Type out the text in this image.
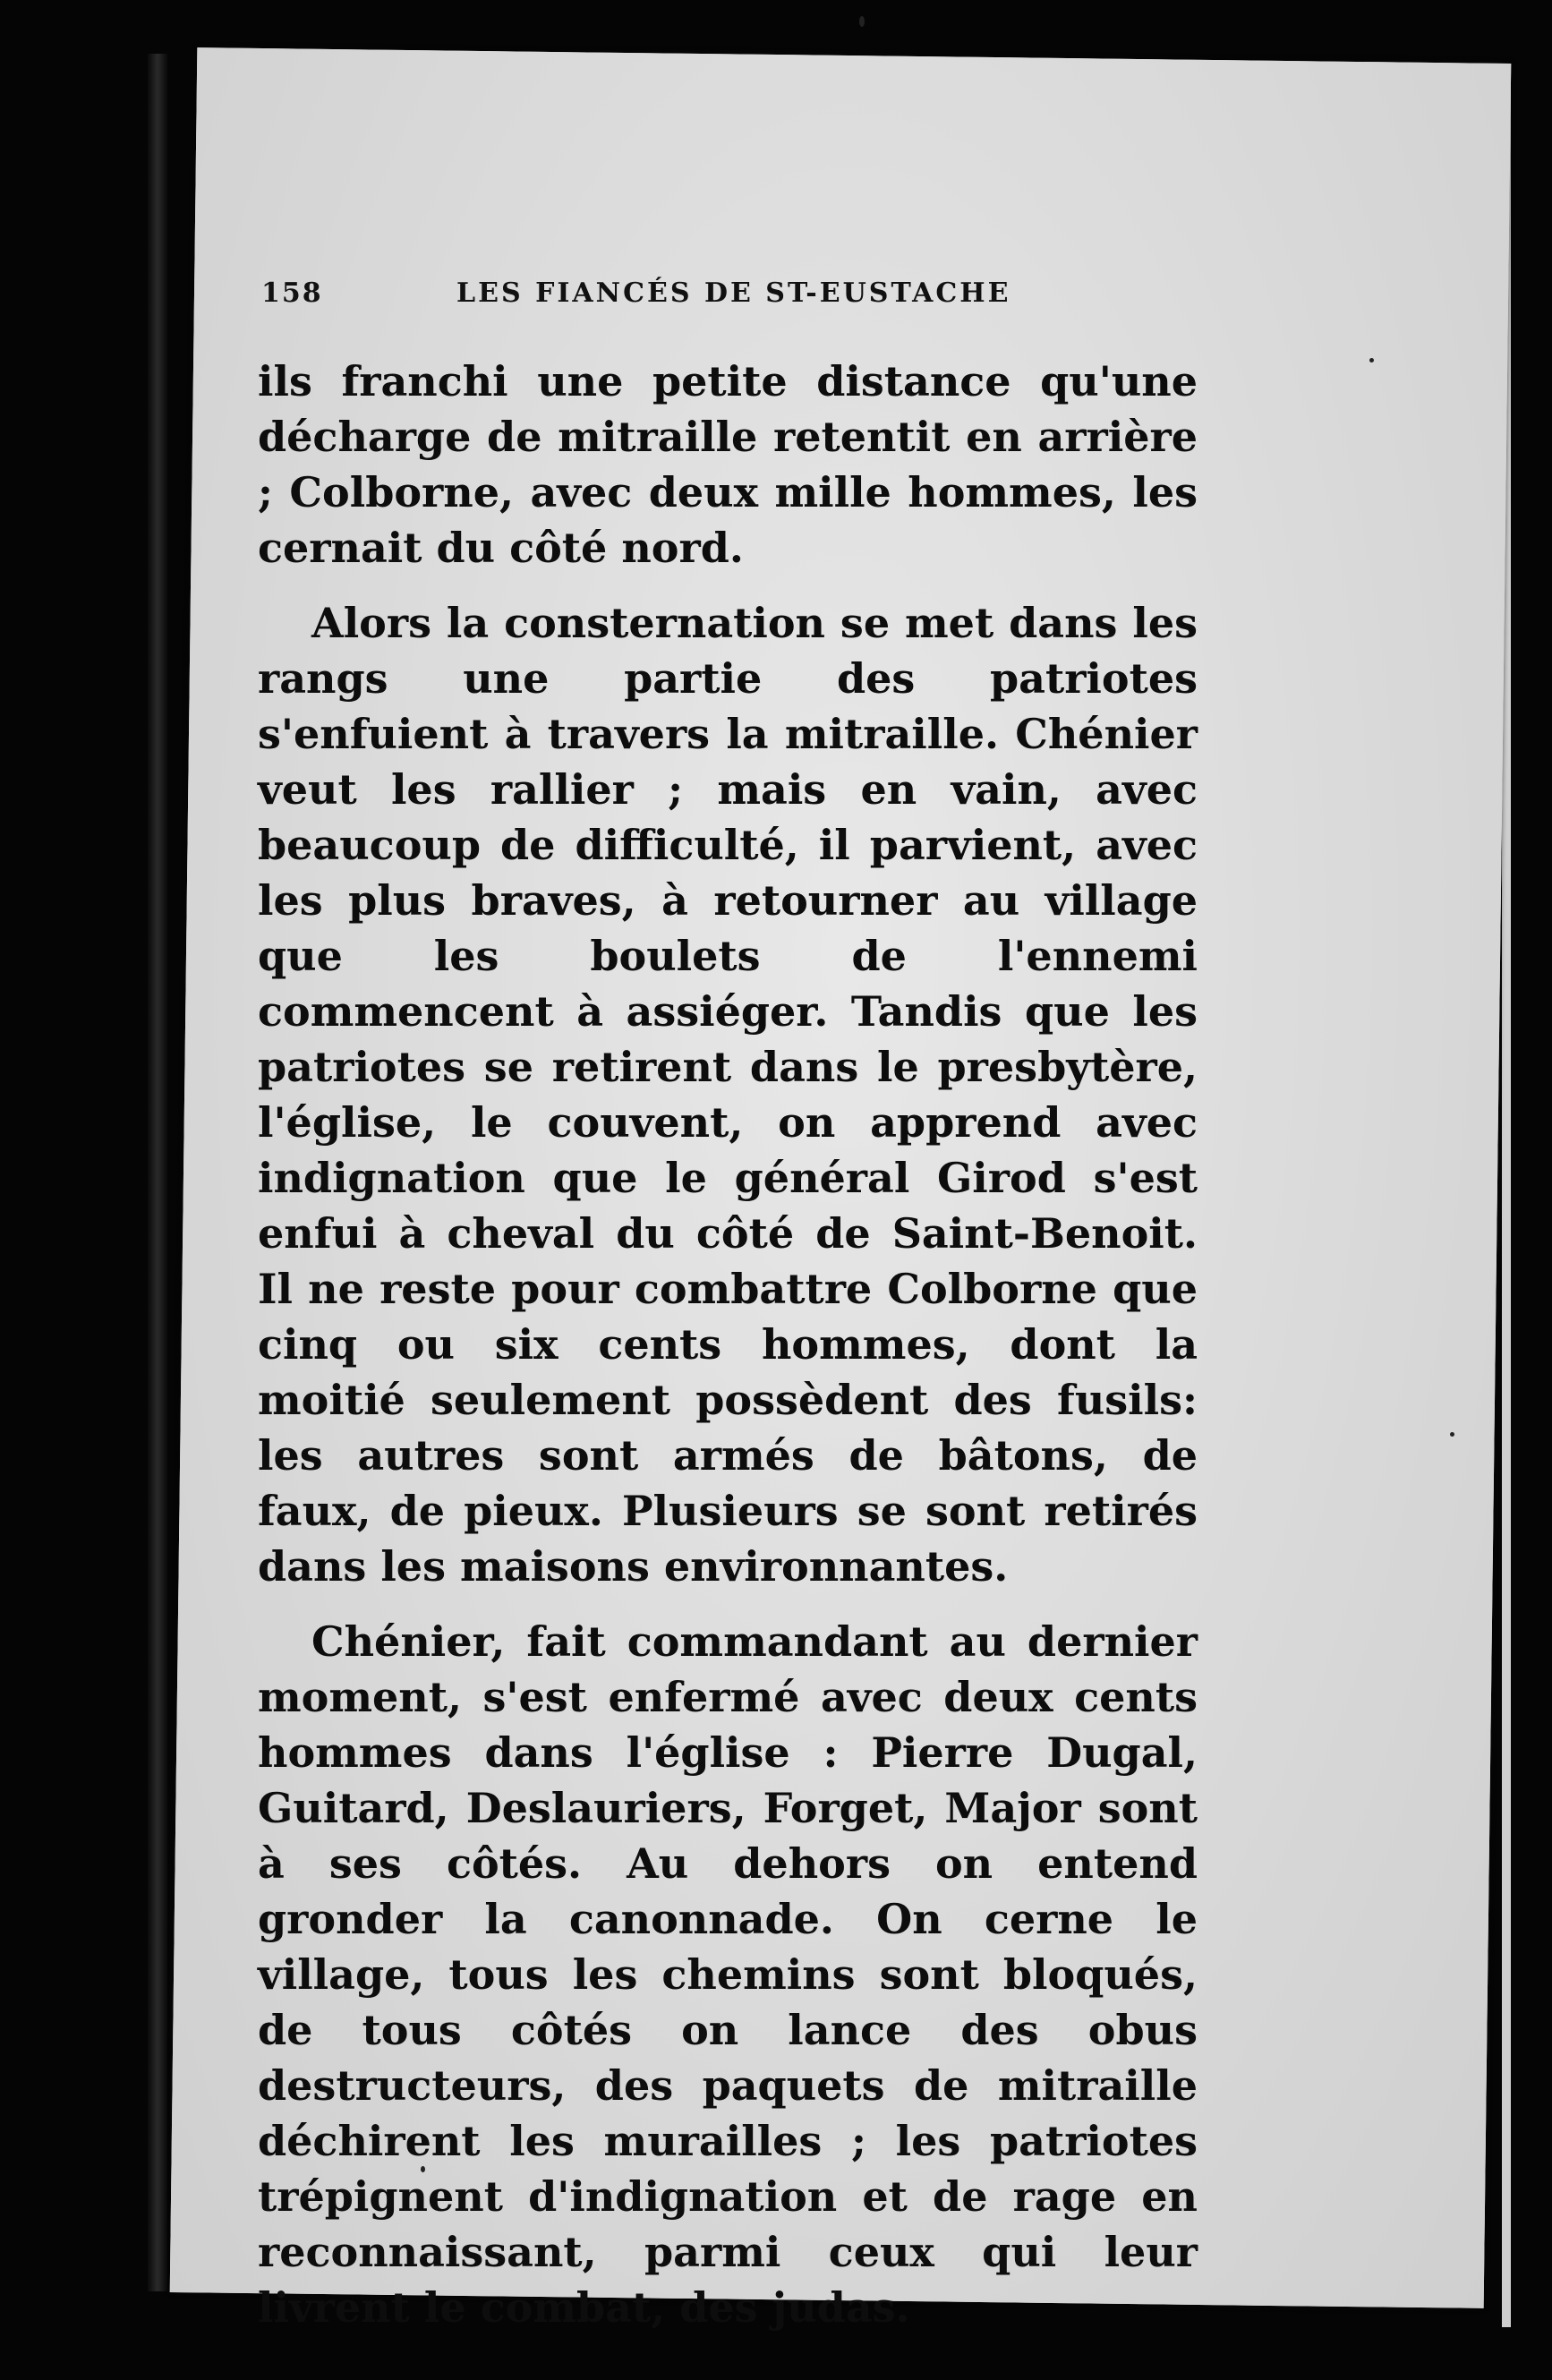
158	LES FIANCÉS DE ST-EUSTACHE

ils franchi une petite distance qu'une décharge de mitraille retentit en arrière ; Colborne, avec deux mille hommes, les cernait du côté nord.

Alors la consternation se met dans les rangs une partie des patriotes s'enfuient à travers la mitraille. Chénier veut les rallier ; mais en vain, avec beaucoup de difficulté, il parvient, avec les plus braves, à retourner au village que les boulets de l'ennemi commencent à assiéger. Tandis que les patriotes se retirent dans le presbytère, l'église, le couvent, on apprend avec indignation que le général Girod s'est enfui à cheval du côté de Saint-Benoit. Il ne reste pour combattre Colborne que cinq ou six cents hommes, dont la moitié seulement possèdent des fusils: les autres sont armés de bâtons, de faux, de pieux. Plusieurs se sont retirés dans les maisons environnantes.

Chénier, fait commandant au dernier moment, s'est enfermé avec deux cents hommes dans l'église : Pierre Dugal, Guitard, Deslauriers, Forget, Major sont à ses côtés. Au dehors on entend gronder la canonnade. On cerne le village, tous les chemins sont bloqués, de tous côtés on lance des obus destructeurs, des paquets de mitraille déchirent les murailles ; les patriotes trépignent d'indignation et de rage en reconnaissant, parmi ceux qui leur livrent le combat, des judas.
